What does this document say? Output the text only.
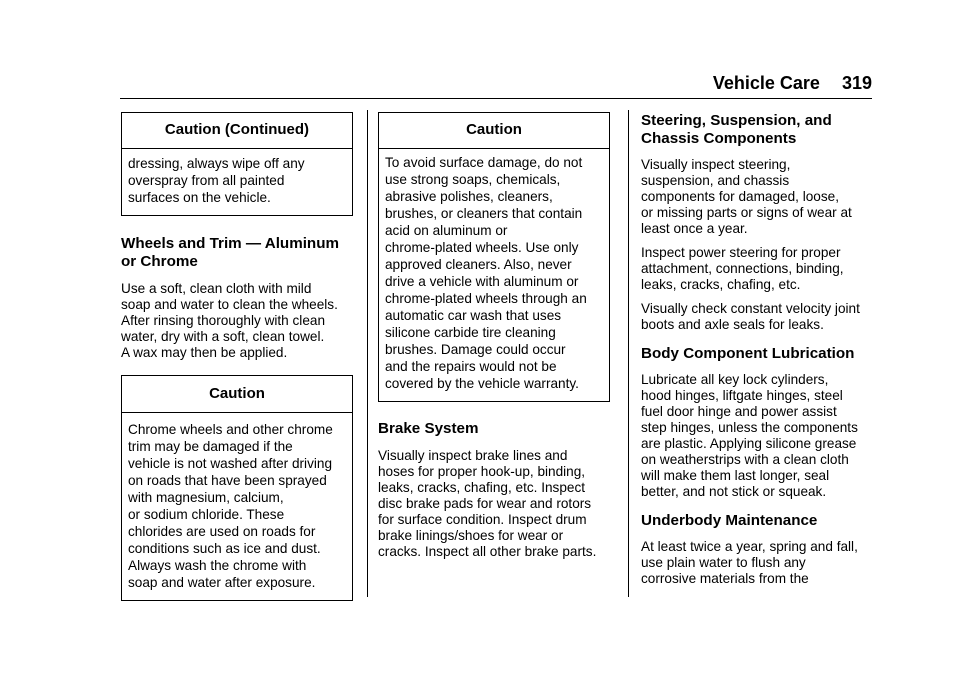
Vehicle Care 319
Caution (Continued)
dressing, always wipe off any
overspray from all painted
surfaces on the vehicle.
Wheels and Trim — Aluminum
or Chrome

Use a soft, clean cloth with mild
soap and water to clean the wheels.
After rinsing thoroughly with clean
water, dry with a soft, clean towel.
A wax may then be applied.

Caution
Chrome wheels and other chrome
trim may be damaged if the
vehicle is not washed after driving
on roads that have been sprayed
with magnesium, calcium,
or sodium chloride. These
chlorides are used on roads for
conditions such as ice and dust.
Always wash the chrome with
soap and water after exposure.
Caution
To avoid surface damage, do not
use strong soaps, chemicals,
abrasive polishes, cleaners,
brushes, or cleaners that contain
acid on aluminum or
chrome-plated wheels. Use only
approved cleaners. Also, never
drive a vehicle with aluminum or
chrome-plated wheels through an
automatic car wash that uses
silicone carbide tire cleaning
brushes. Damage could occur
and the repairs would not be
covered by the vehicle warranty.
Brake System

Visually inspect brake lines and
hoses for proper hook-up, binding,
leaks, cracks, chafing, etc. Inspect
disc brake pads for wear and rotors
for surface condition. Inspect drum
brake linings/shoes for wear or
cracks. Inspect all other brake parts.

Steering, Suspension, and
Chassis Components

Visually inspect steering,
suspension, and chassis
components for damaged, loose,
or missing parts or signs of wear at
least once a year.

Inspect power steering for proper
attachment, connections, binding,
leaks, cracks, chafing, etc.

Visually check constant velocity joint
boots and axle seals for leaks.

Body Component Lubrication

Lubricate all key lock cylinders,
hood hinges, liftgate hinges, steel
fuel door hinge and power assist
step hinges, unless the components
are plastic. Applying silicone grease
on weatherstrips with a clean cloth
will make them last longer, seal
better, and not stick or squeak.

Underbody Maintenance

At least twice a year, spring and fall,
use plain water to flush any
corrosive materials from the
